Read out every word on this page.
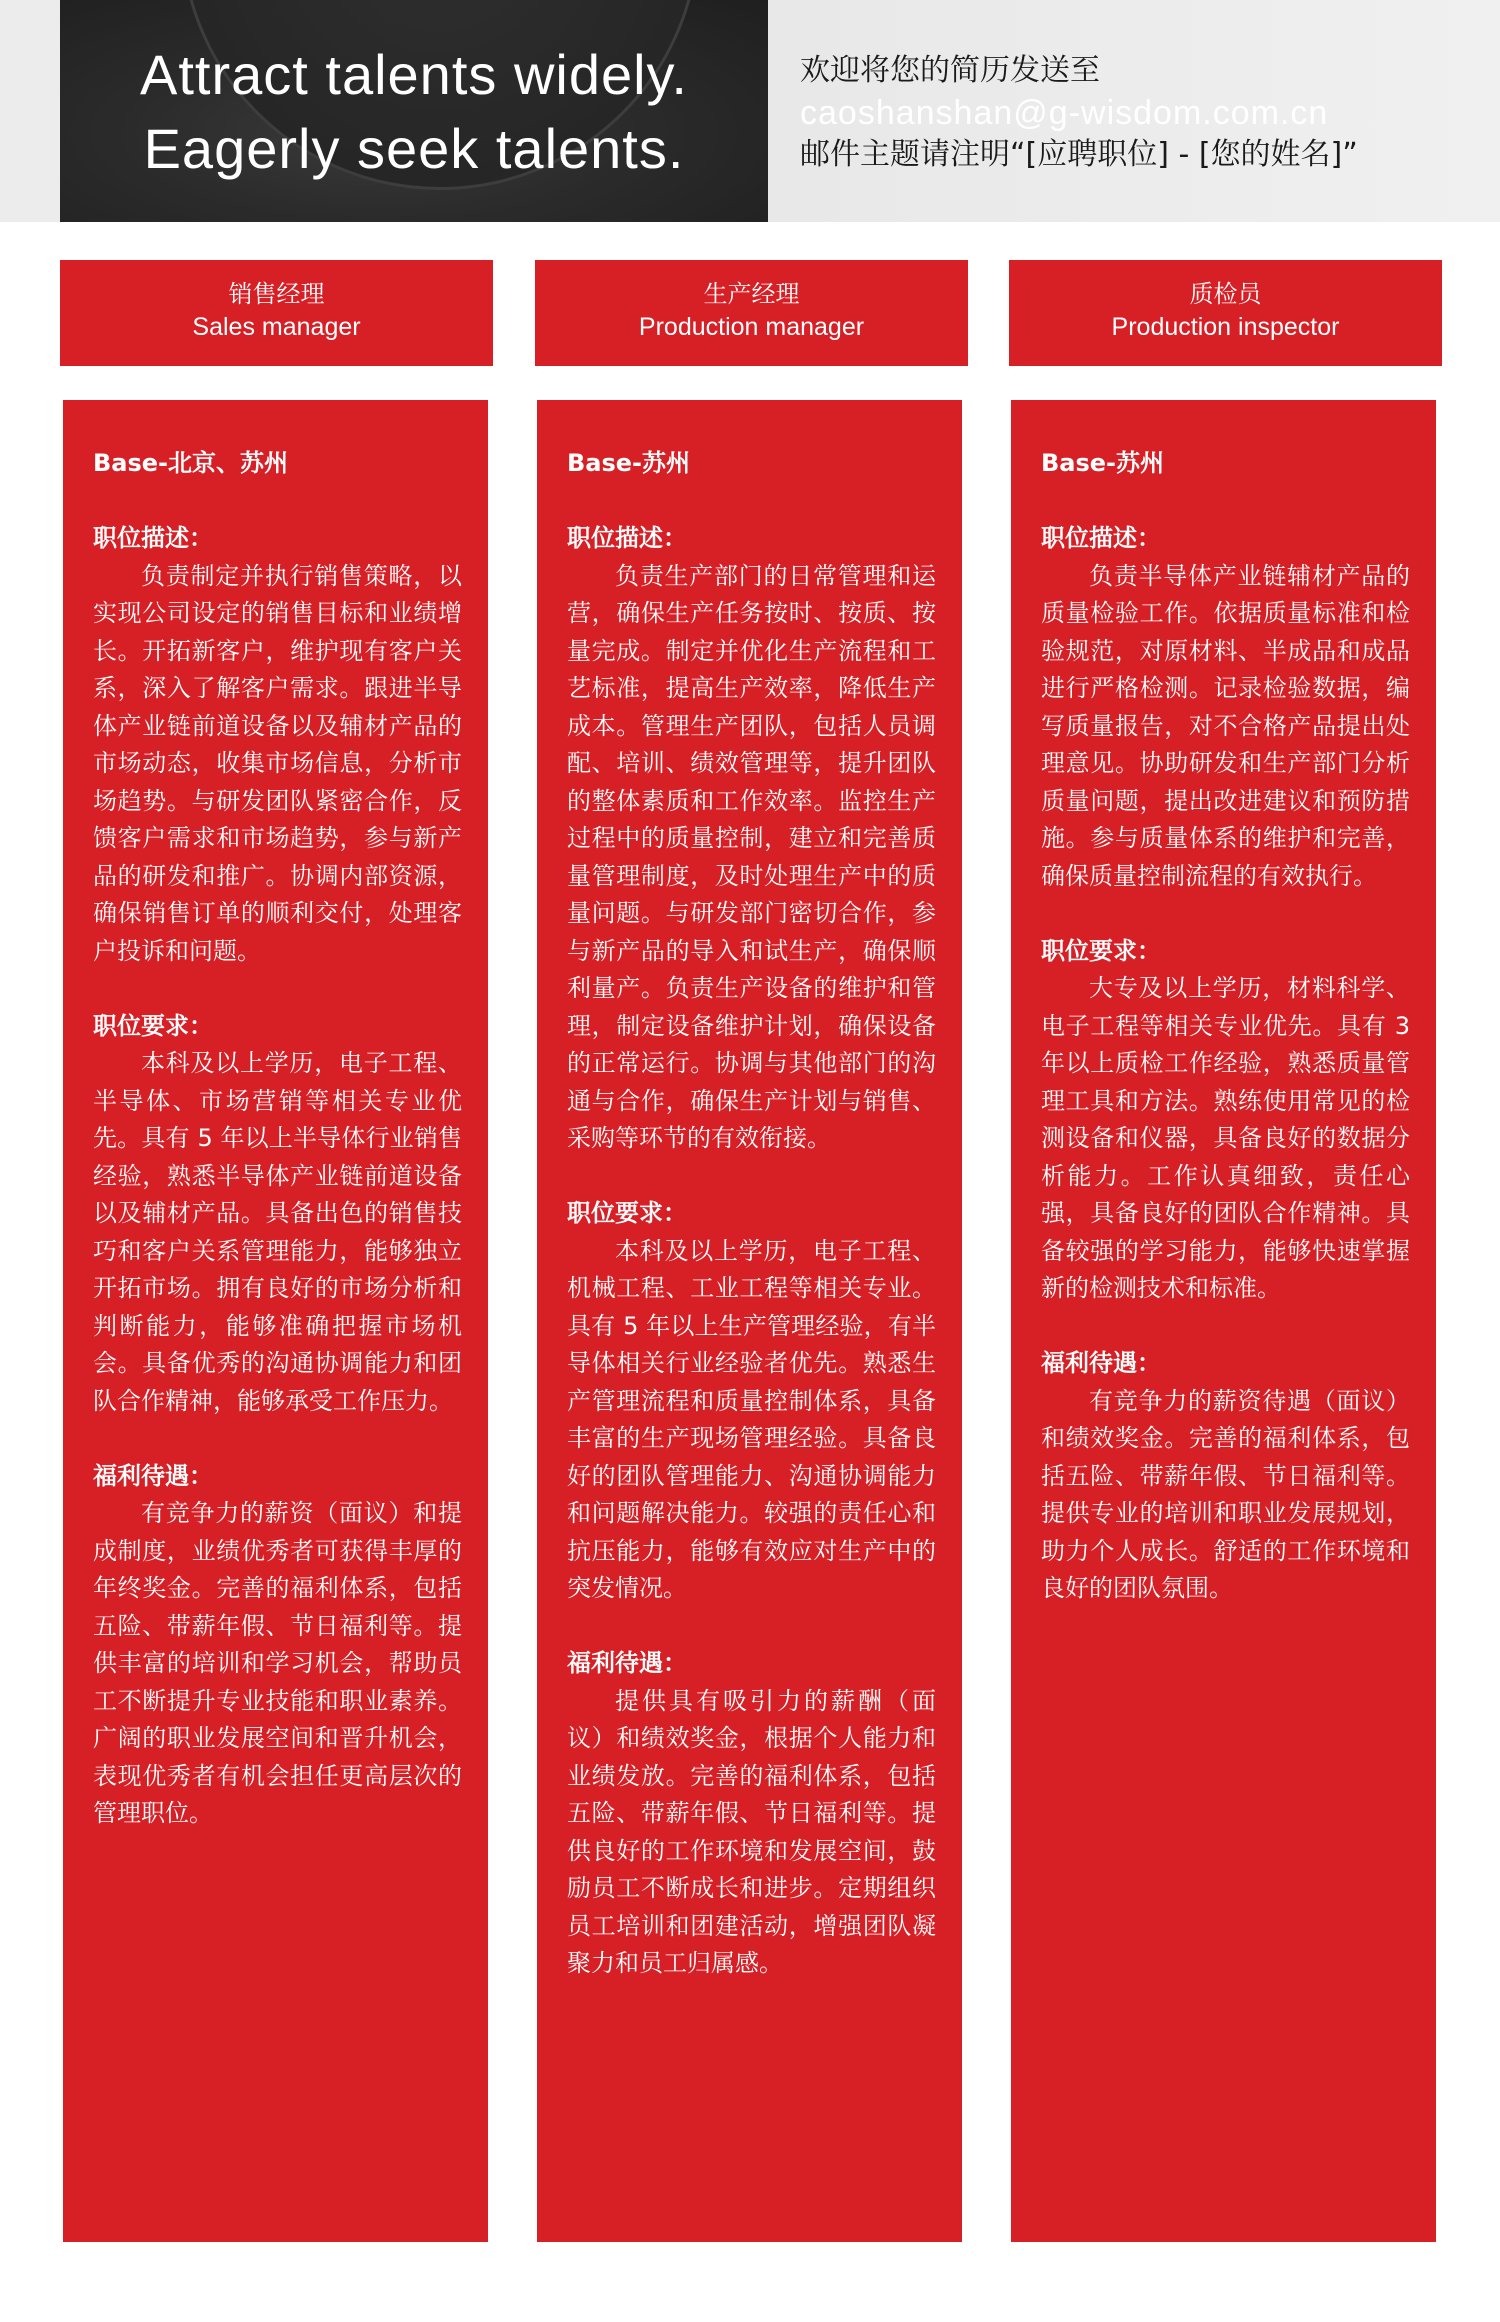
Attract talents widely.
Eagerly seek talents.
欢迎将您的简历发送至
caoshanshan@g-wisdom.com.cn
邮件主题请注明“[应聘职位] - [您的姓名]”
销售经理
Sales manager
生产经理
Production manager
质检员
Production inspector

Base-北京、苏州

职位描述：

负责制定并执行销售策略，以实现公司设定的销售目标和业绩增长。开拓新客户，维护现有客户关系，深入了解客户需求。跟进半导体产业链前道设备以及辅材产品的市场动态，收集市场信息，分析市场趋势。与研发团队紧密合作，反馈客户需求和市场趋势，参与新产品的研发和推广。协调内部资源，确保销售订单的顺利交付，处理客户投诉和问题。

职位要求：

本科及以上学历，电子工程、半导体、市场营销等相关专业优先。具有 5 年以上半导体行业销售经验，熟悉半导体产业链前道设备以及辅材产品。具备出色的销售技巧和客户关系管理能力，能够独立开拓市场。拥有良好的市场分析和判断能力，能够准确把握市场机会。具备优秀的沟通协调能力和团队合作精神，能够承受工作压力。

福利待遇：

有竞争力的薪资（面议）和提成制度，业绩优秀者可获得丰厚的年终奖金。完善的福利体系，包括五险、带薪年假、节日福利等。提供丰富的培训和学习机会，帮助员工不断提升专业技能和职业素养。广阔的职业发展空间和晋升机会，表现优秀者有机会担任更高层次的管理职位。

Base-苏州

职位描述：

负责生产部门的日常管理和运营，确保生产任务按时、按质、按量完成。制定并优化生产流程和工艺标准，提高生产效率，降低生产成本。管理生产团队，包括人员调配、培训、绩效管理等，提升团队的整体素质和工作效率。监控生产过程中的质量控制，建立和完善质量管理制度，及时处理生产中的质量问题。与研发部门密切合作，参与新产品的导入和试生产，确保顺利量产。负责生产设备的维护和管理，制定设备维护计划，确保设备的正常运行。协调与其他部门的沟通与合作，确保生产计划与销售、采购等环节的有效衔接。

职位要求：

本科及以上学历，电子工程、机械工程、工业工程等相关专业。具有 5 年以上生产管理经验，有半导体相关行业经验者优先。熟悉生产管理流程和质量控制体系，具备丰富的生产现场管理经验。具备良好的团队管理能力、沟通协调能力和问题解决能力。较强的责任心和抗压能力，能够有效应对生产中的突发情况。

福利待遇：

提供具有吸引力的薪酬（面议）和绩效奖金，根据个人能力和业绩发放。完善的福利体系，包括五险、带薪年假、节日福利等。提供良好的工作环境和发展空间，鼓励员工不断成长和进步。定期组织员工培训和团建活动，增强团队凝聚力和员工归属感。

Base-苏州

职位描述：

负责半导体产业链辅材产品的质量检验工作。依据质量标准和检验规范，对原材料、半成品和成品进行严格检测。记录检验数据，编写质量报告，对不合格产品提出处理意见。协助研发和生产部门分析质量问题，提出改进建议和预防措施。参与质量体系的维护和完善，确保质量控制流程的有效执行。

职位要求：

大专及以上学历，材料科学、电子工程等相关专业优先。具有 3年以上质检工作经验，熟悉质量管理工具和方法。熟练使用常见的检测设备和仪器，具备良好的数据分析能力。工作认真细致，责任心强，具备良好的团队合作精神。具备较强的学习能力，能够快速掌握新的检测技术和标准。

福利待遇：

有竞争力的薪资待遇（面议）和绩效奖金。完善的福利体系，包括五险、带薪年假、节日福利等。提供专业的培训和职业发展规划，助力个人成长。舒适的工作环境和良好的团队氛围。
